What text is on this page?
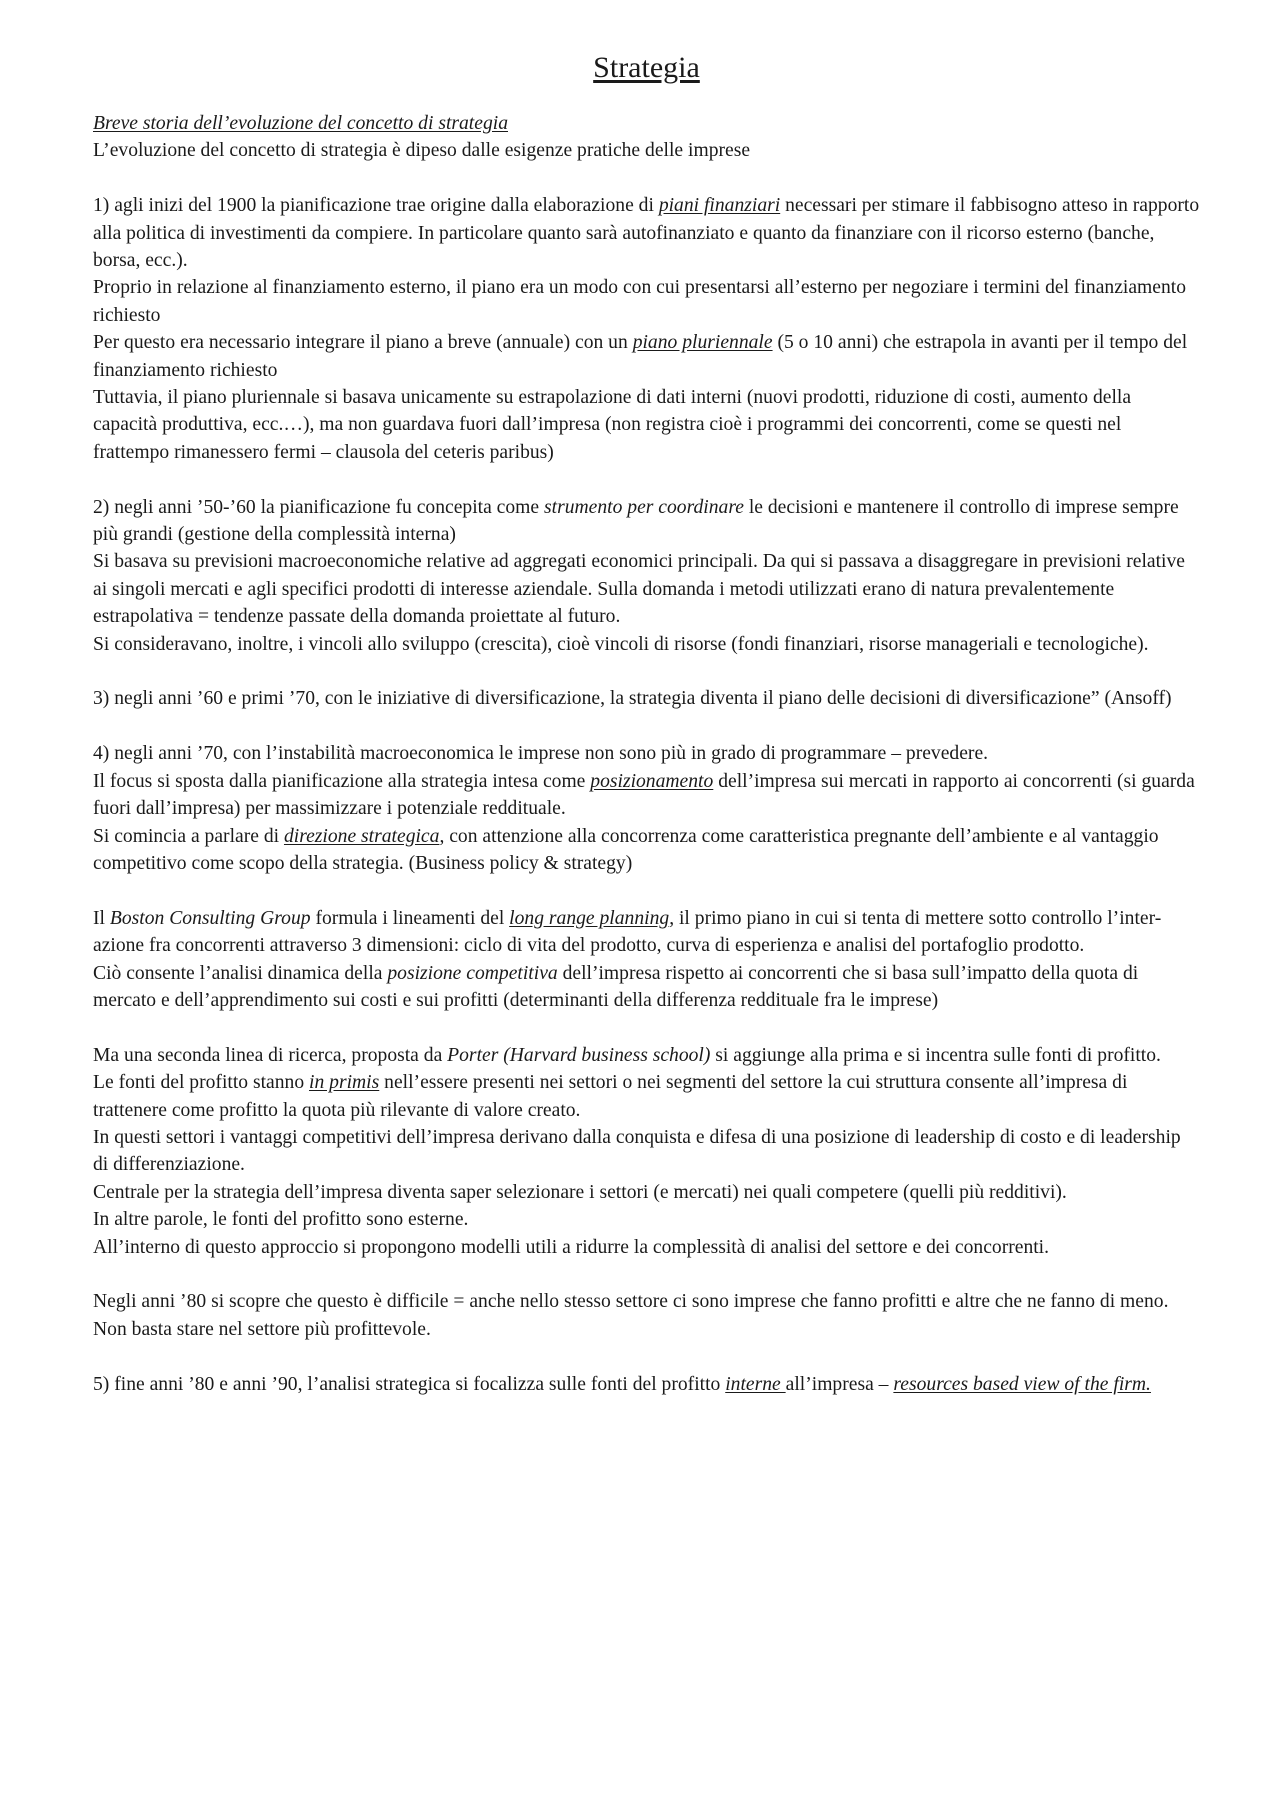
Strategia

Breve storia dell’evoluzione del concetto di strategia

L’evoluzione del concetto di strategia è dipeso dalle esigenze pratiche delle imprese

1) agli inizi del 1900 la pianificazione trae origine dalla elaborazione di piani finanziari necessari per stimare il fabbisogno atteso in rapporto alla politica di investimenti da compiere. In particolare quanto sarà autofinanziato e quanto da finanziare con il ricorso esterno (banche, borsa, ecc.).

Proprio in relazione al finanziamento esterno, il piano era un modo con cui presentarsi all’esterno per negoziare i termini del finanziamento richiesto

Per questo era necessario integrare il piano a breve (annuale) con un piano pluriennale (5 o 10 anni) che estrapola in avanti per il tempo del finanziamento richiesto

Tuttavia, il piano pluriennale si basava unicamente su estrapolazione di dati interni (nuovi prodotti, riduzione di costi, aumento della capacità produttiva, ecc.…), ma non guardava fuori dall’impresa (non registra cioè i programmi dei concorrenti, come se questi nel frattempo rimanessero fermi – clausola del ceteris paribus)

2) negli anni ’50-’60 la pianificazione fu concepita come strumento per coordinare le decisioni e mantenere il controllo di imprese sempre più grandi (gestione della complessità interna)

Si basava su previsioni macroeconomiche relative ad aggregati economici principali. Da qui si passava a disaggregare in previsioni relative ai singoli mercati e agli specifici prodotti di interesse aziendale. Sulla domanda i metodi utilizzati erano di natura prevalentemente estrapolativa = tendenze passate della domanda proiettate al futuro.

Si consideravano, inoltre, i vincoli allo sviluppo (crescita), cioè vincoli di risorse (fondi finanziari, risorse manageriali e tecnologiche).

3) negli anni ’60 e primi ’70, con le iniziative di diversificazione, la strategia diventa il piano delle decisioni di diversificazione” (Ansoff)

4) negli anni ’70, con l’instabilità macroeconomica le imprese non sono più in grado di programmare – prevedere.

Il focus si sposta dalla pianificazione alla strategia intesa come posizionamento dell’impresa sui mercati in rapporto ai concorrenti (si guarda fuori dall’impresa) per massimizzare i potenziale reddituale.

Si comincia a parlare di direzione strategica, con attenzione alla concorrenza come caratteristica pregnante dell’ambiente e al vantaggio competitivo come scopo della strategia. (Business policy & strategy)

Il Boston Consulting Group formula i lineamenti del long range planning, il primo piano in cui si tenta di mettere sotto controllo l’inter-azione fra concorrenti attraverso 3 dimensioni: ciclo di vita del prodotto, curva di esperienza e analisi del portafoglio prodotto.

Ciò consente l’analisi dinamica della posizione competitiva dell’impresa rispetto ai concorrenti che si basa sull’impatto della quota di mercato e dell’apprendimento sui costi e sui profitti (determinanti della differenza reddituale fra le imprese)

Ma una seconda linea di ricerca, proposta da Porter (Harvard business school) si aggiunge alla prima e si incentra sulle fonti di profitto.

Le fonti del profitto stanno in primis nell’essere presenti nei settori o nei segmenti del settore la cui struttura consente all’impresa di trattenere come profitto la quota più rilevante di valore creato.

In questi settori i vantaggi competitivi dell’impresa derivano dalla conquista e difesa di una posizione di leadership di costo e di leadership di differenziazione.

Centrale per la strategia dell’impresa diventa saper selezionare i settori (e mercati) nei quali competere (quelli più redditivi).

In altre parole, le fonti del profitto sono esterne.

All’interno di questo approccio si propongono modelli utili a ridurre la complessità di analisi del settore e dei concorrenti.

Negli anni ’80 si scopre che questo è difficile = anche nello stesso settore ci sono imprese che fanno profitti e altre che ne fanno di meno.

Non basta stare nel settore più profittevole.

5) fine anni ’80 e anni ’90, l’analisi strategica si focalizza sulle fonti del profitto interne all’impresa – resources based view of the firm.
